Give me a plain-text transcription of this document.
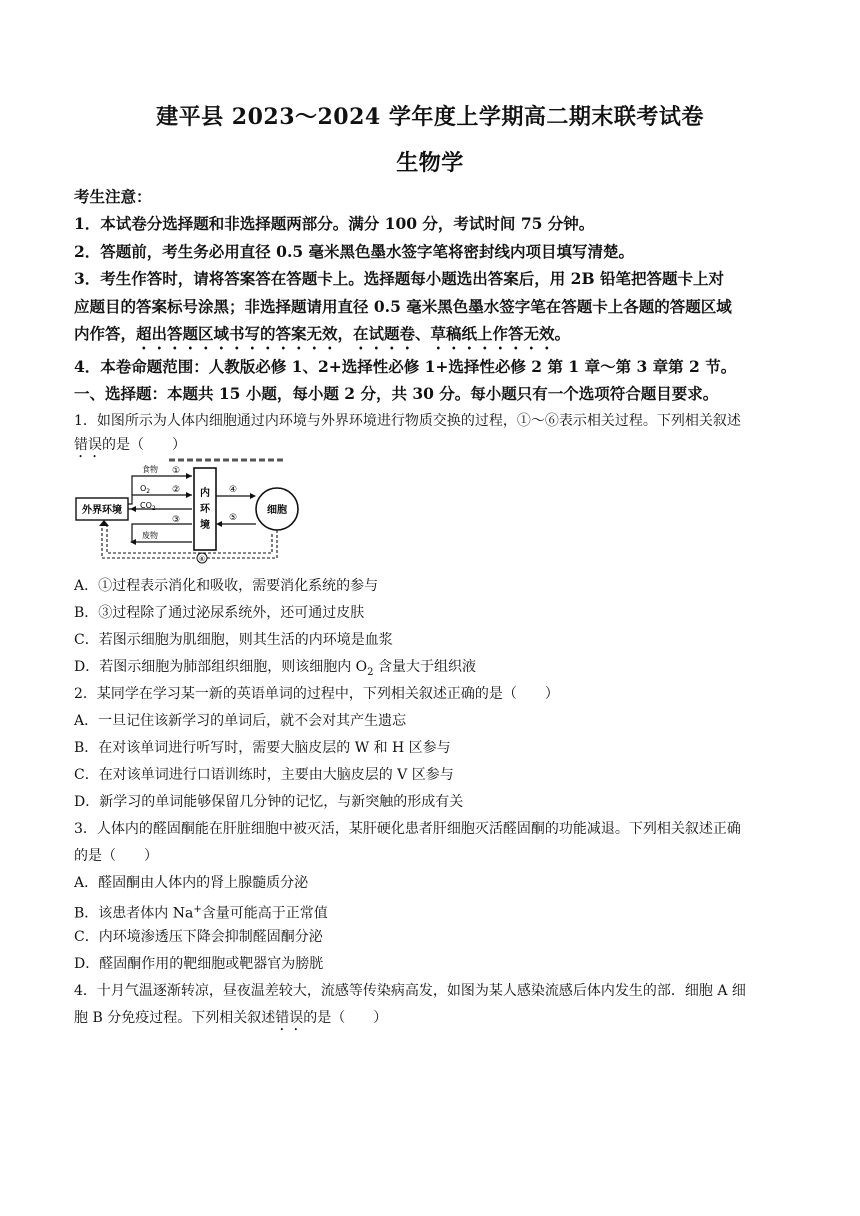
建平县 2023～2024 学年度上学期高二期末联考试卷
生物学
考生注意：
1．本试卷分选择题和非选择题两部分。满分 100 分，考试时间 75 分钟。
2．答题前，考生务必用直径 0.5 毫米黑色墨水签字笔将密封线内项目填写清楚。
3．考生作答时，请将答案答在答题卡上。选择题每小题选出答案后，用 2B 铅笔把答题卡上对
应题目的答案标号涂黑；非选择题请用直径 0.5 毫米黑色墨水签字笔在答题卡上各题的答题区域
内作答，超出答题区域书写的答案无效，在试题卷、草稿纸上作答无效。
4．本卷命题范围：人教版必修 1、2+选择性必修 1+选择性必修 2 第 1 章～第 3 章第 2 节。
一、选择题：本题共 15 小题，每小题 2 分，共 30 分。每小题只有一个选项符合题目要求。
1．如图所示为人体内细胞通过内环境与外界环境进行物质交换的过程，①～⑥表示相关过程。下列相关叙述
错误的是（　　）
外界环境
内
环
境
细胞
食物 ①
$O_2$ ②
$CO_2$
③
废物
④
⑤
⑥
A．①过程表示消化和吸收，需要消化系统的参与
B．③过程除了通过泌尿系统外，还可通过皮肤
C．若图示细胞为肌细胞，则其生活的内环境是血浆
D．若图示细胞为肺部组织细胞，则该细胞内 $O_2$ 含量大于组织液
2．某同学在学习某一新的英语单词的过程中，下列相关叙述正确的是（　　）
A．一旦记住该新学习的单词后，就不会对其产生遗忘
B．在对该单词进行听写时，需要大脑皮层的 W 和 H 区参与
C．在对该单词进行口语训练时，主要由大脑皮层的 V 区参与
D．新学习的单词能够保留几分钟的记忆，与新突触的形成有关
3．人体内的醛固酮能在肝脏细胞中被灭活，某肝硬化患者肝细胞灭活醛固酮的功能减退。下列相关叙述正确
的是（　　）
A．醛固酮由人体内的肾上腺髓质分泌
B．该患者体内 Na+含量可能高于正常值
C．内环境渗透压下降会抑制醛固酮分泌
D．醛固酮作用的靶细胞或靶器官为膀胱
4．十月气温逐渐转凉，昼夜温差较大，流感等传染病高发，如图为某人感染流感后体内发生的部．细胞 A 细
胞 B 分免疫过程。下列相关叙述错误的是（　　）
